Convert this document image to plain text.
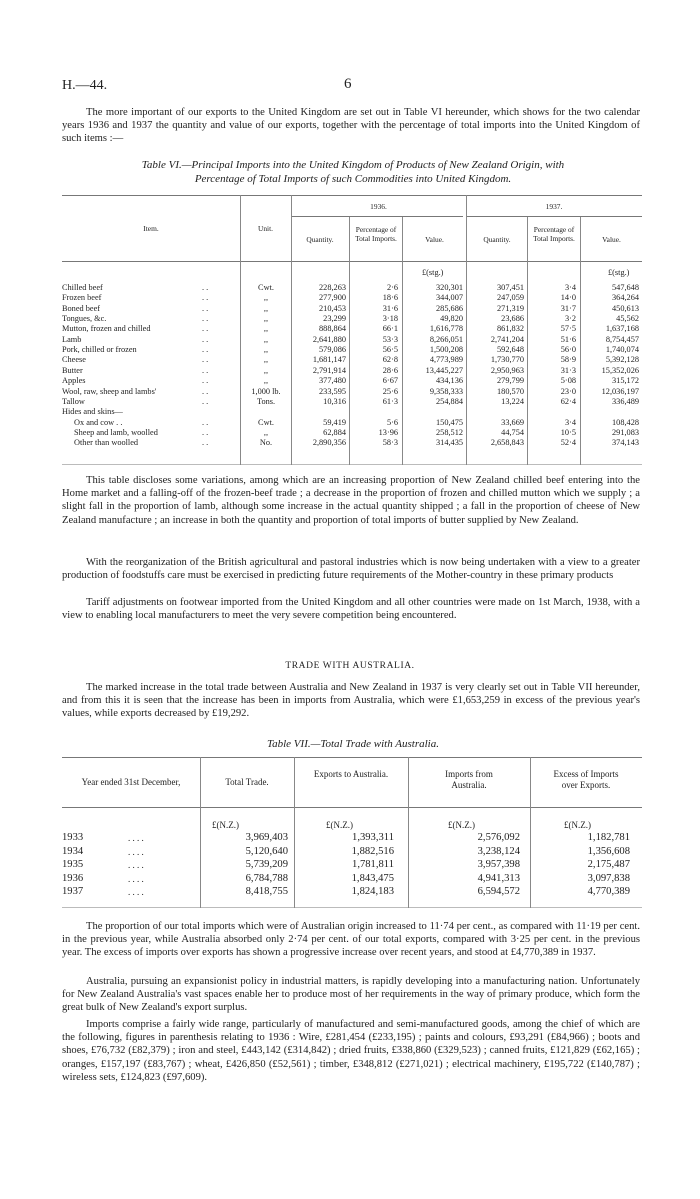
H.—44.	6

The more important of our exports to the United Kingdom are set out in Table VI hereunder, which shows for the two calendar years 1936 and 1937 the quantity and value of our exports, together with the percentage of total imports into the United Kingdom of such items :—

Table VI.—Principal Imports into the United Kingdom of Products of New Zealand Origin, with
Percentage of Total Imports of such Commodities into United Kingdom.
Item.	Unit.
1936.	1937.
Quantity.
Percentage of Total Imports.	Value.	Quantity.
Percentage of Total Imports.	Value.
£(stg.)	£(stg.)
Chilled beef	. .	Cwt.	228,263	2·6	320,301	307,451	3·4	547,648
Frozen beef	. .	,,	277,900	18·6	344,007	247,059	14·0	364,264
Boned beef	. .	,,	210,453	31·6	285,686	271,319	31·7	450,613
Tongues, &c.	. .	,,	23,299	3·18	49,820	23,686	3·2	45,562
Mutton, frozen and chilled	. .	,,	888,864	66·1	1,616,778	861,832	57·5	1,637,168
Lamb	. .	,,	2,641,880	53·3	8,266,051	2,741,204	51·6	8,754,457
Pork, chilled or frozen	. .	,,	579,086	56·5	1,500,208	592,648	56·0	1,740,074
Cheese	. .	,,	1,681,147	62·8	4,773,989	1,730,770	58·9	5,392,128
Butter	. .	,,	2,791,914	28·6	13,445,227	2,950,963	31·3	15,352,026
Apples	. .	,,	377,480	6·67	434,136	279,799	5·08	315,172
Wool, raw, sheep and lambs'	. .	1,000 lb.	233,595	25·6	9,358,333	180,570	23·0	12,036,197
Tallow	. .	Tons.	10,316	61·3	254,884	13,224	62·4	336,489
Hides and skins—
Ox and cow . .	. .	Cwt.	59,419	5·6	150,475	33,669	3·4	108,428
Sheep and lamb, woolled	. .	,,	62,884	13·96	258,512	44,754	10·5	291,083
Other than woolled	. .	No.	2,890,356	58·3	314,435	2,658,843	52·4	374,143

This table discloses some variations, among which are an increasing proportion of New Zealand chilled beef entering into the Home market and a falling-off of the frozen-beef trade ; a decrease in the proportion of frozen and chilled mutton which we supply ; a slight fall in the proportion of lamb, although some increase in the actual quantity shipped ; a fall in the proportion of cheese of New Zealand manufacture ; an increase in both the quantity and proportion of total imports of butter supplied by New Zealand.

With the reorganization of the British agricultural and pastoral industries which is now being undertaken with a view to a greater production of foodstuffs care must be exercised in predicting future requirements of the Mother-country in these primary products

Tariff adjustments on footwear imported from the United Kingdom and all other countries were made on 1st March, 1938, with a view to enabling local manufacturers to meet the very severe competition being encountered.

TRADE WITH AUSTRALIA.

The marked increase in the total trade between Australia and New Zealand in 1937 is very clearly set out in Table VII hereunder, and from this it is seen that the increase has been in imports from Australia, which were £1,653,259 in excess of the previous year's values, while exports decreased by £19,292.

Table VII.—Total Trade with Australia.
Year ended 31st December,	Total Trade.
Exports to Australia.	Imports from Australia.
Excess of Imports over Exports.
£(N.Z.)	£(N.Z.)	£(N.Z.)	£(N.Z.)
1933	. . . .	3,969,403	1,393,311	2,576,092	1,182,781
1934	. . . .	5,120,640	1,882,516	3,238,124	1,356,608
1935	. . . .	5,739,209	1,781,811	3,957,398	2,175,487
1936	. . . .	6,784,788	1,843,475	4,941,313	3,097,838
1937	. . . .	8,418,755	1,824,183	6,594,572	4,770,389

The proportion of our total imports which were of Australian origin increased to 11·74 per cent., as compared with 11·19 per cent. in the previous year, while Australia absorbed only 2·74 per cent. of our total exports, compared with 3·25 per cent. in the previous year. The excess of imports over exports has shown a progressive increase over recent years, and stood at £4,770,389 in 1937.

Australia, pursuing an expansionist policy in industrial matters, is rapidly developing into a manufacturing nation. Unfortunately for New Zealand Australia's vast spaces enable her to produce most of her requirements in the way of primary produce, which form the great bulk of New Zealand's export surplus.

Imports comprise a fairly wide range, particularly of manufactured and semi-manufactured goods, among the chief of which are the following, figures in parenthesis relating to 1936 : Wire, £281,454 (£233,195) ; paints and colours, £93,291 (£84,966) ; boots and shoes, £76,732 (£82,379) ; iron and steel, £443,142 (£314,842) ; dried fruits, £338,860 (£329,523) ; canned fruits, £121,829 (£62,165) ; oranges, £157,197 (£83,767) ; wheat, £426,850 (£52,561) ; timber, £348,812 (£271,021) ; electrical machinery, £195,722 (£140,787) ; wireless sets, £124,823 (£97,609).
